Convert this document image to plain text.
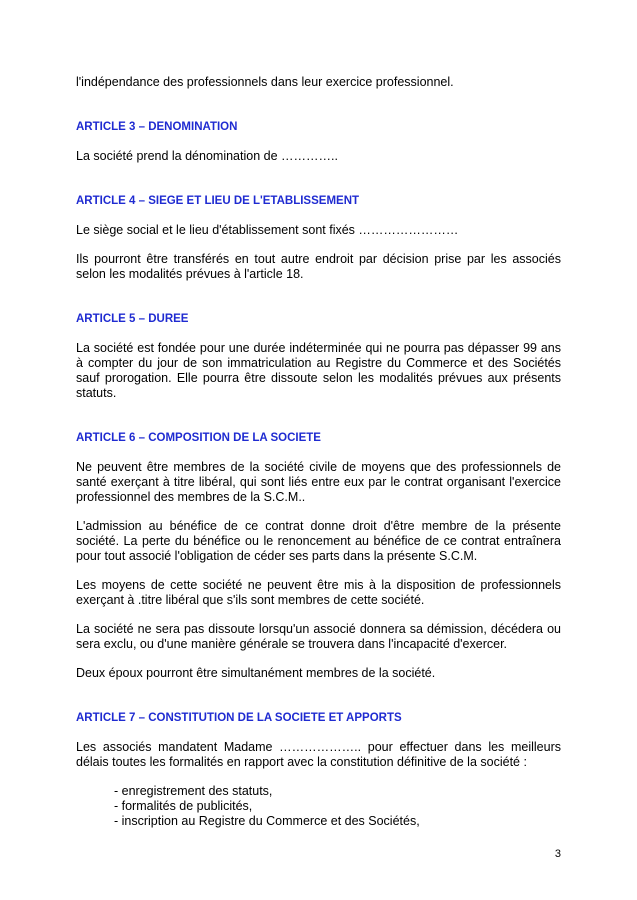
l'indépendance des professionnels dans leur exercice professionnel.

ARTICLE 3 – DENOMINATION

La société prend la dénomination de …………..

ARTICLE 4 – SIEGE ET LIEU DE L'ETABLISSEMENT

Le siège social et le lieu d'établissement sont fixés ……………………

Ils pourront être transférés en tout autre endroit par décision prise par les associés selon les modalités prévues à l'article 18.

ARTICLE 5 – DUREE

La société est fondée pour une durée indéterminée qui ne pourra pas dépasser 99 ans à compter du jour de son immatriculation au Registre du Commerce et des Sociétés sauf prorogation. Elle pourra être dissoute selon les modalités prévues aux présents statuts.

ARTICLE 6 – COMPOSITION DE LA SOCIETE

Ne peuvent être membres de la société civile de moyens que des professionnels de santé exerçant à titre libéral, qui sont liés entre eux par le contrat organisant l'exercice professionnel des membres de la S.C.M..

L'admission au bénéfice de ce contrat donne droit d'être membre de la présente société. La perte du bénéfice ou le renoncement au bénéfice de ce contrat entraînera pour tout associé l'obligation de céder ses parts dans la présente S.C.M.

Les moyens de cette société ne peuvent être mis à la disposition de professionnels exerçant à .titre libéral que s'ils sont membres de cette société.

La société ne sera pas dissoute lorsqu'un associé donnera sa démission, décédera ou sera exclu, ou d'une manière générale se trouvera dans l'incapacité d'exercer.

Deux époux pourront être simultanément membres de la société.

ARTICLE 7 – CONSTITUTION DE LA SOCIETE ET APPORTS

Les associés mandatent Madame ……………….. pour effectuer dans les meilleurs délais toutes les formalités en rapport avec la constitution définitive de la société :

- enregistrement des statuts,
- formalités de publicités,
- inscription au Registre du Commerce et des Sociétés,
3
